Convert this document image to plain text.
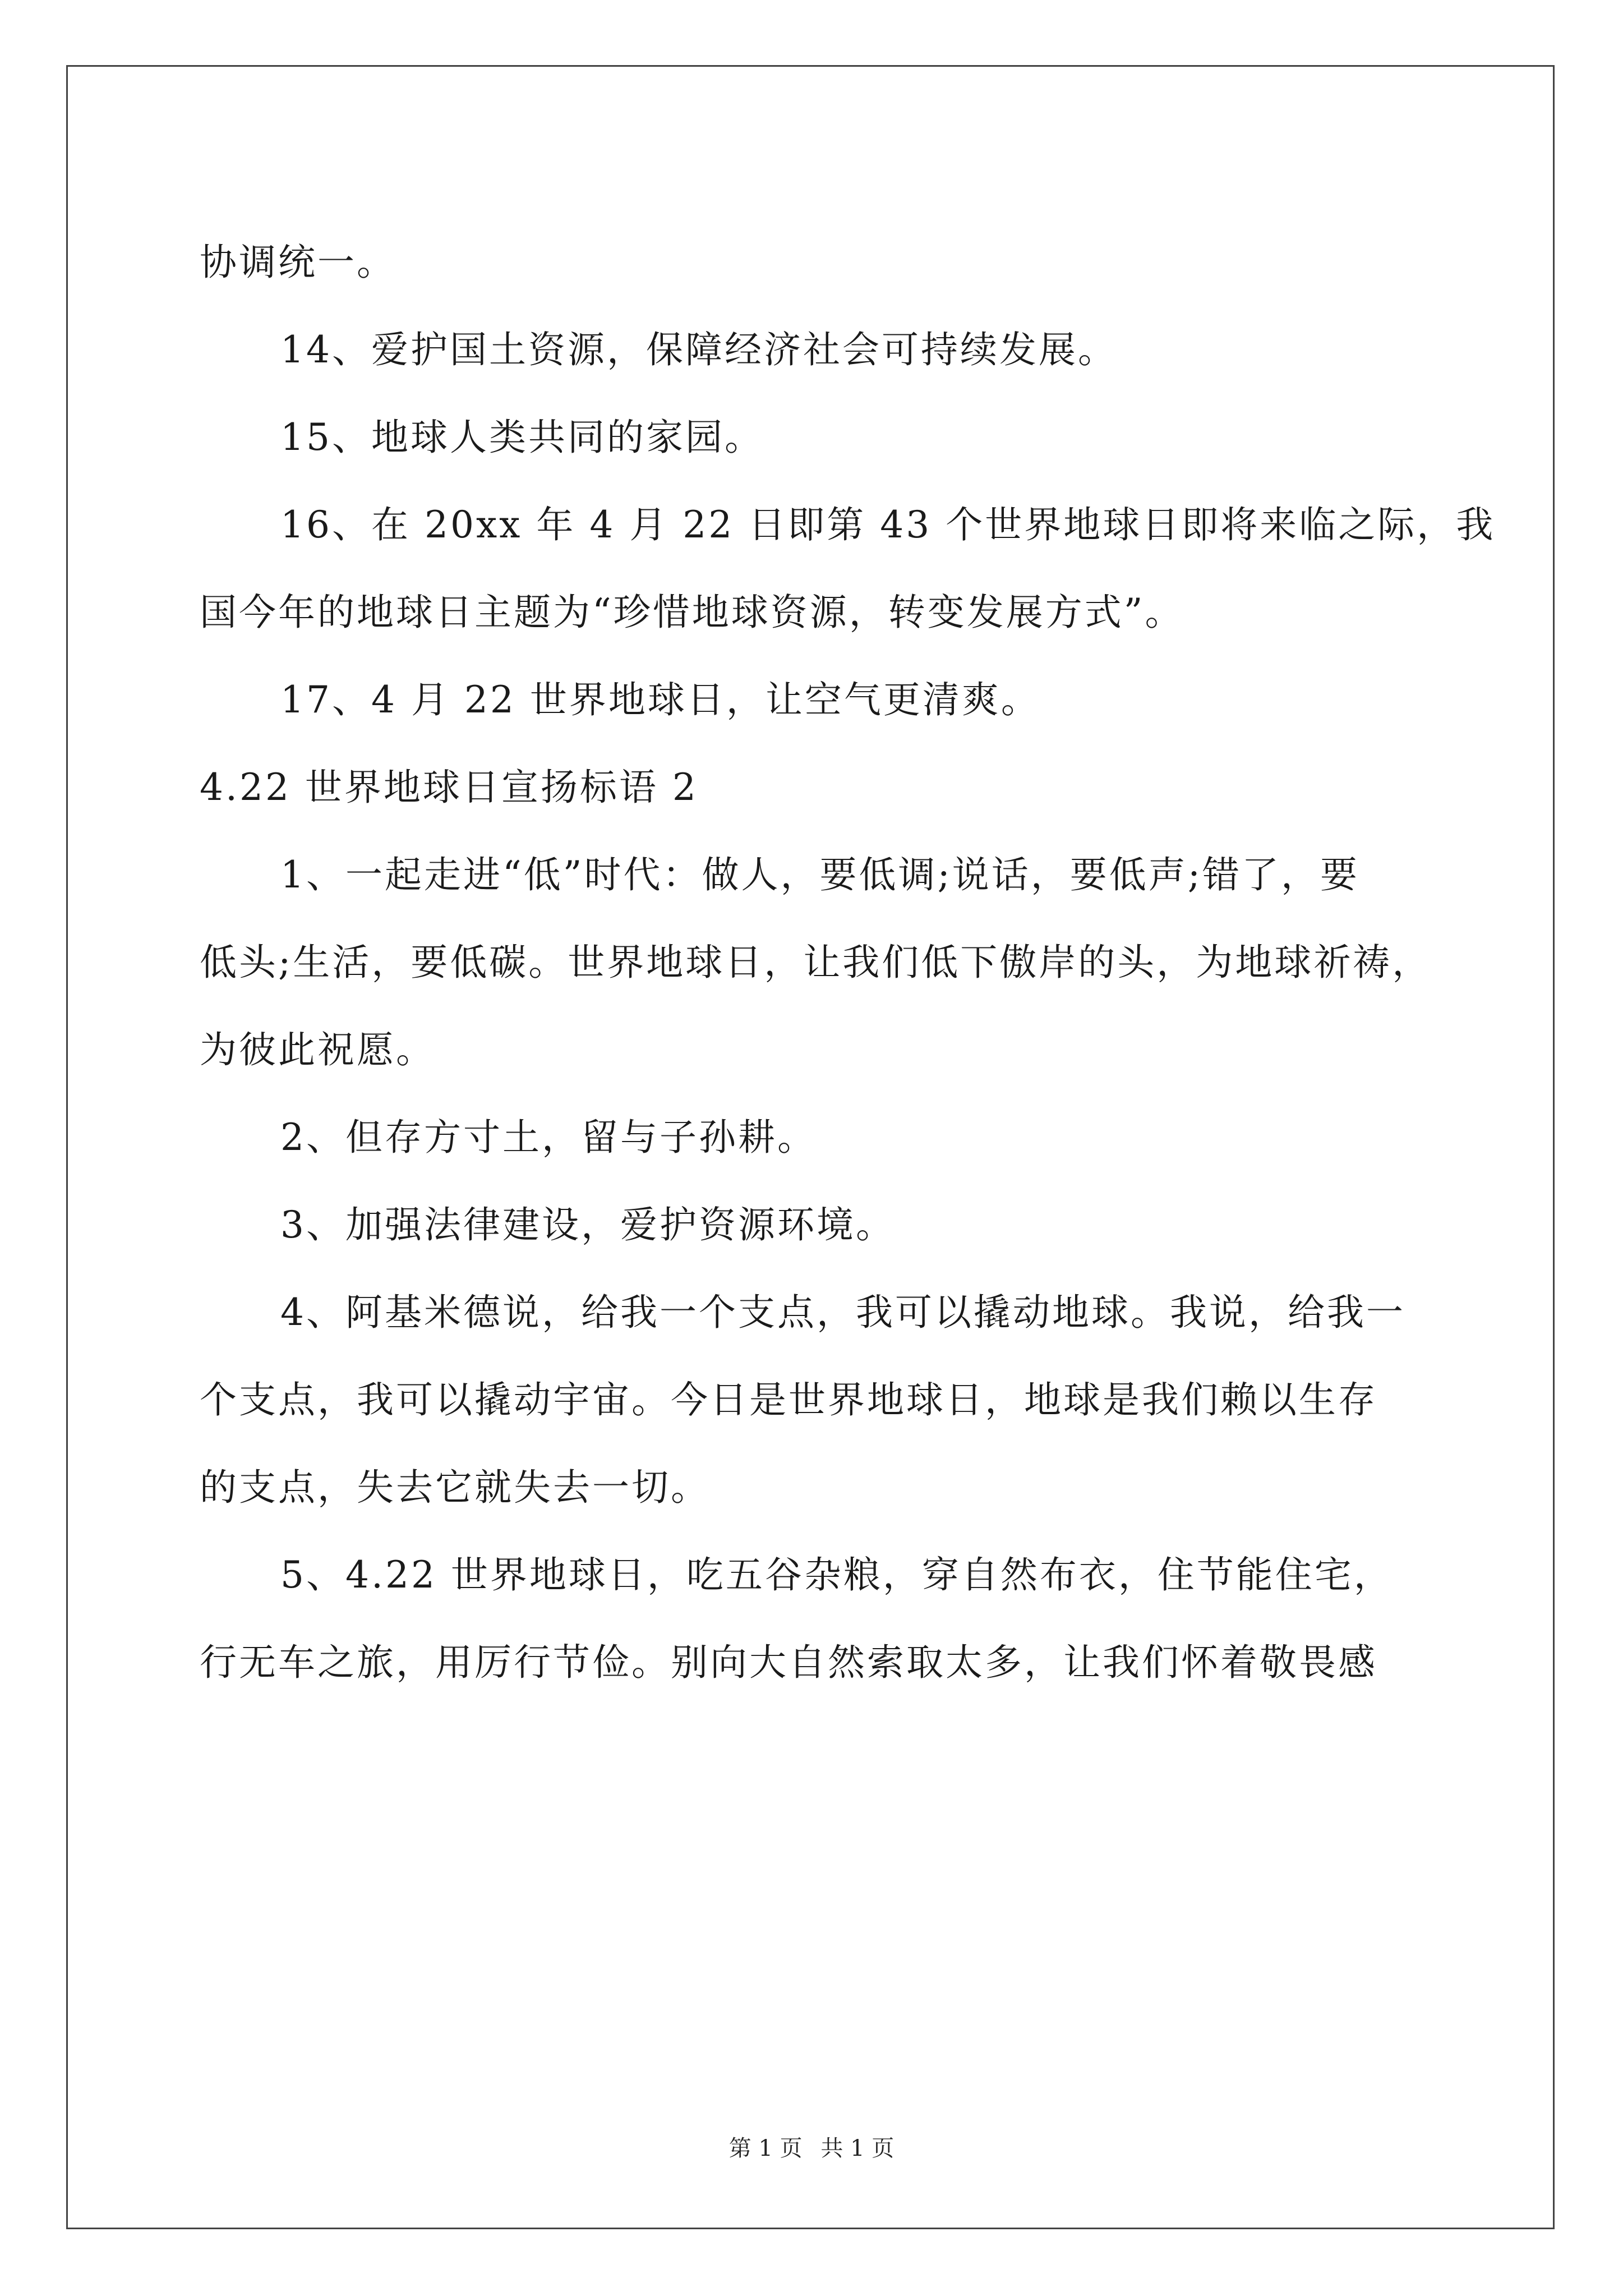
协调统一。
14、爱护国土资源，保障经济社会可持续发展。
15、地球人类共同的家园。
16、在 20xx 年 4 月 22 日即第 43 个世界地球日即将来临之际，我
国今年的地球日主题为“珍惜地球资源，转变发展方式”。
17、4 月 22 世界地球日，让空气更清爽。
4.22 世界地球日宣扬标语 2
1、一起走进“低”时代：做人，要低调;说话，要低声;错了，要
低头;生活，要低碳。世界地球日，让我们低下傲岸的头，为地球祈祷，
为彼此祝愿。
2、但存方寸土，留与子孙耕。
3、加强法律建设，爱护资源环境。
4、阿基米德说，给我一个支点，我可以撬动地球。我说，给我一
个支点，我可以撬动宇宙。今日是世界地球日，地球是我们赖以生存
的支点，失去它就失去一切。
5、4.22 世界地球日，吃五谷杂粮，穿自然布衣，住节能住宅，
行无车之旅，用厉行节俭。别向大自然索取太多，让我们怀着敬畏感
第 1 页 共 1 页
